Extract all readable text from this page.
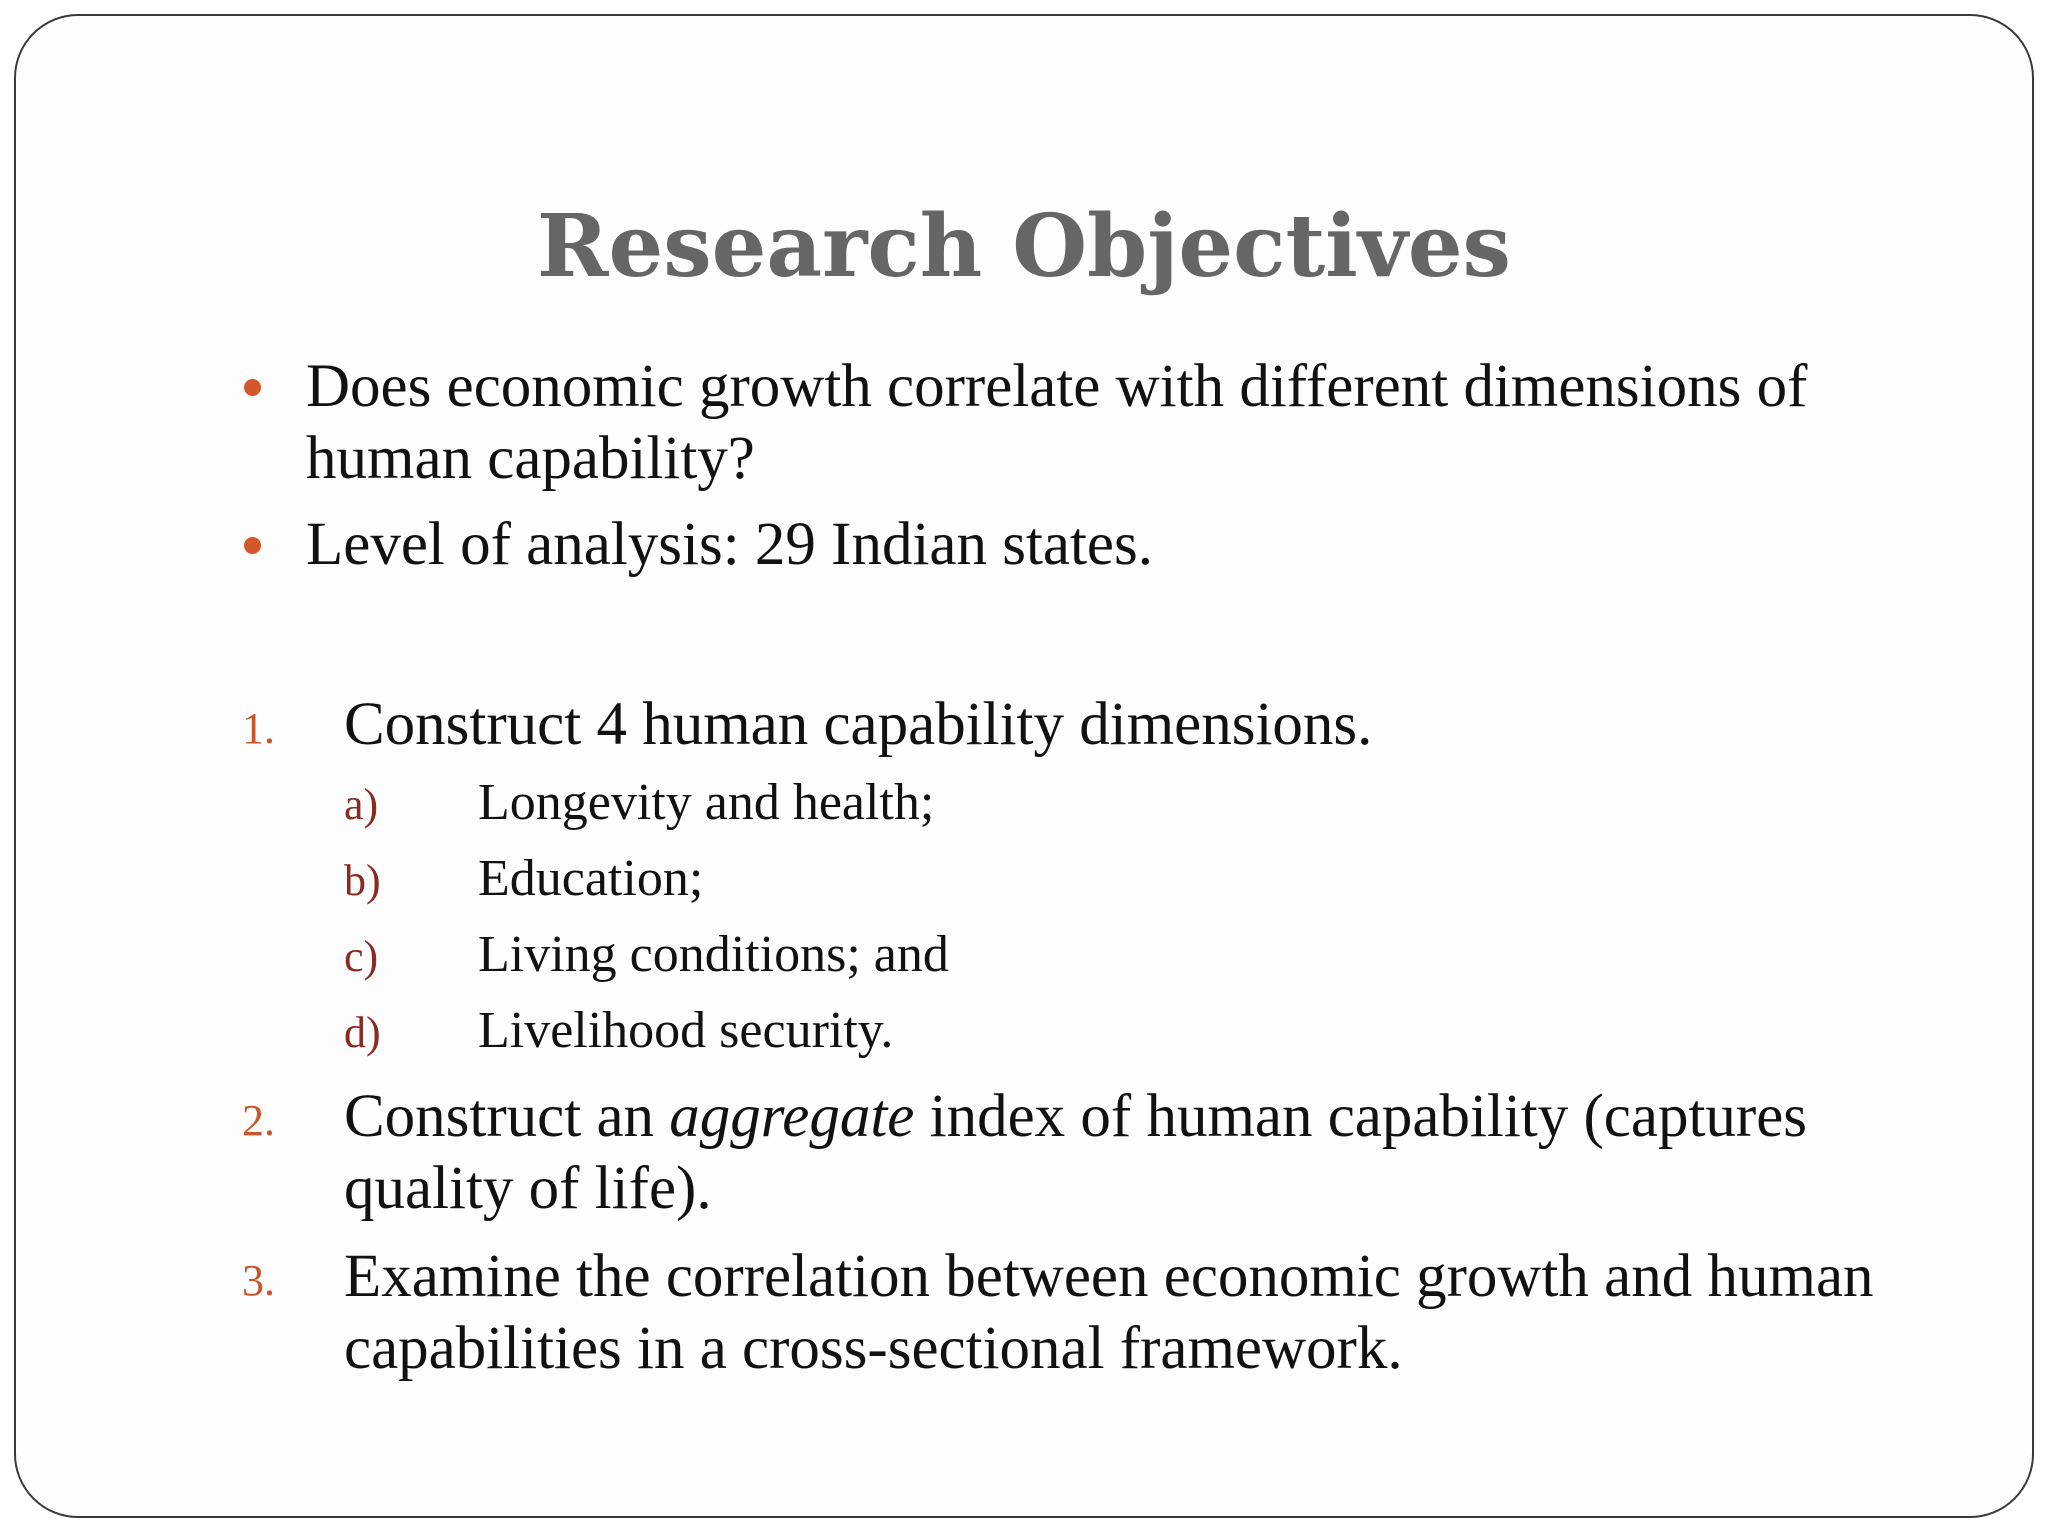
Research Objectives
Does economic growth correlate with different dimensions of human capability?
Level of analysis: 29 Indian states.
1. Construct 4 human capability dimensions.
a) Longevity and health;
b) Education;
c) Living conditions; and
d) Livelihood security.
2. Construct an aggregate index of human capability (captures quality of life).
3. Examine the correlation between economic growth and human capabilities in a cross-sectional framework.
